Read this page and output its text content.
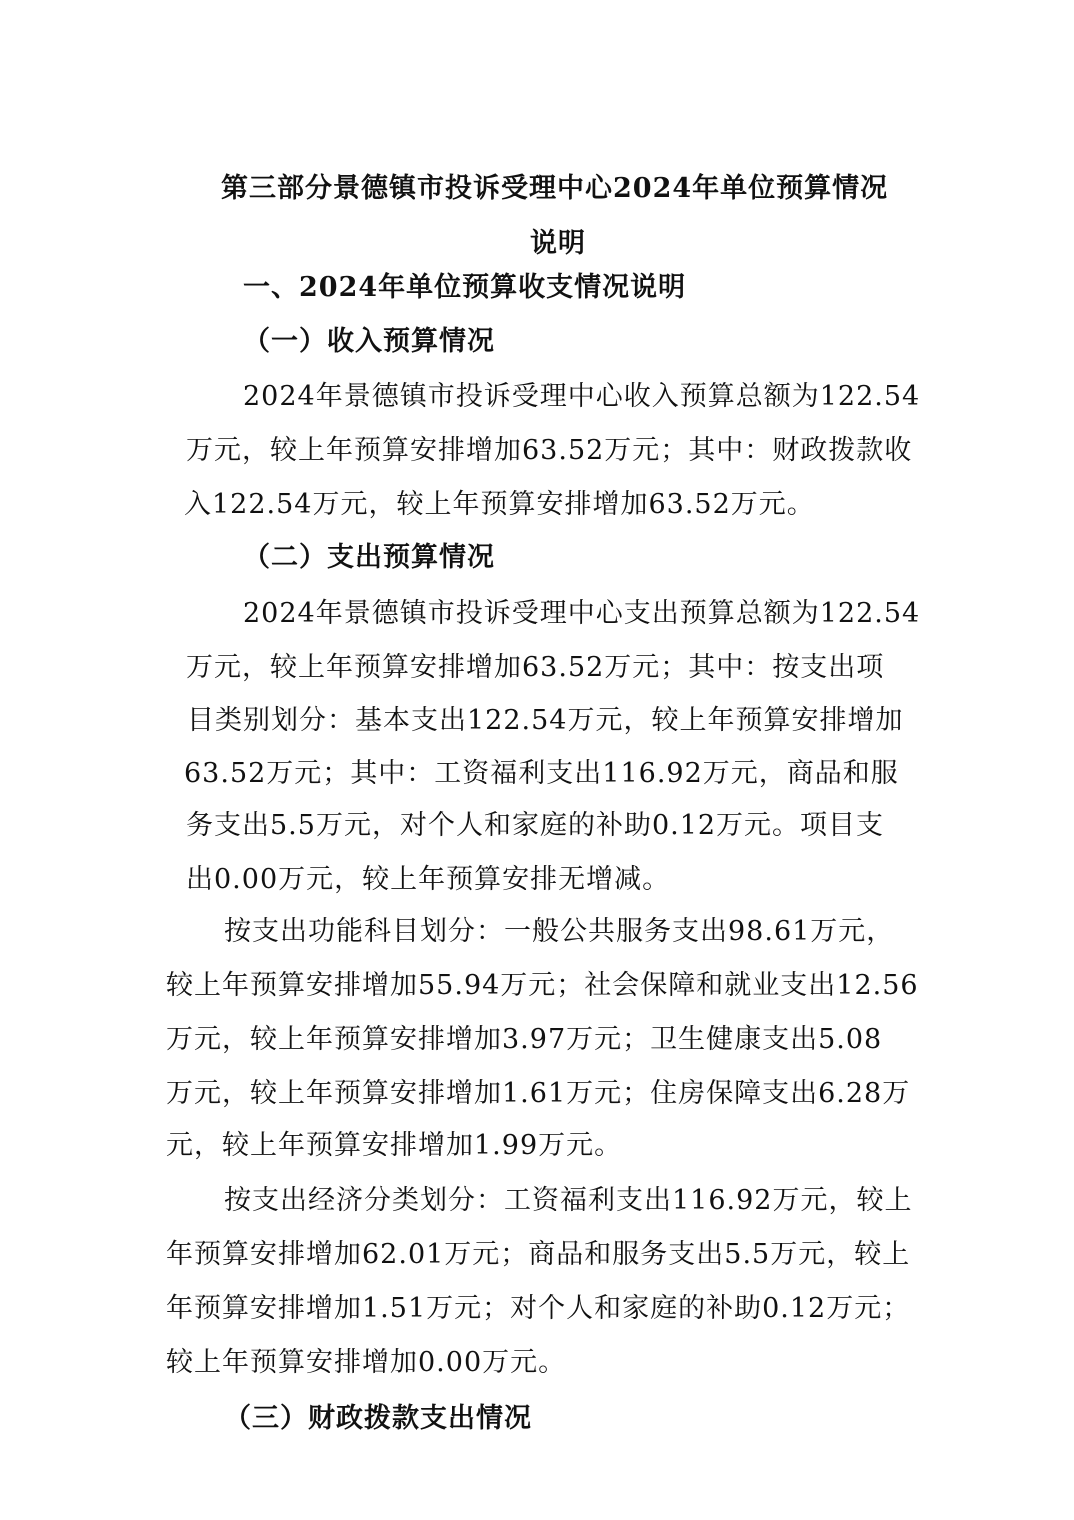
第三部分景德镇市投诉受理中心2024年单位预算情况
说明
一、2024年单位预算收支情况说明
（一）收入预算情况
2024年景德镇市投诉受理中心收入预算总额为122.54
万元，较上年预算安排增加63.52万元；其中：财政拨款收
入122.54万元，较上年预算安排增加63.52万元。
（二）支出预算情况
2024年景德镇市投诉受理中心支出预算总额为122.54
万元，较上年预算安排增加63.52万元；其中：按支出项
目类别划分：基本支出122.54万元，较上年预算安排增加
63.52万元；其中：工资福利支出116.92万元，商品和服
务支出5.5万元，对个人和家庭的补助0.12万元。项目支
出0.00万元，较上年预算安排无增减。
按支出功能科目划分：一般公共服务支出98.61万元，
较上年预算安排增加55.94万元；社会保障和就业支出12.56
万元，较上年预算安排增加3.97万元；卫生健康支出5.08
万元，较上年预算安排增加1.61万元；住房保障支出6.28万
元，较上年预算安排增加1.99万元。
按支出经济分类划分：工资福利支出116.92万元，较上
年预算安排增加62.01万元；商品和服务支出5.5万元，较上
年预算安排增加1.51万元；对个人和家庭的补助0.12万元；
较上年预算安排增加0.00万元。
（三）财政拨款支出情况
